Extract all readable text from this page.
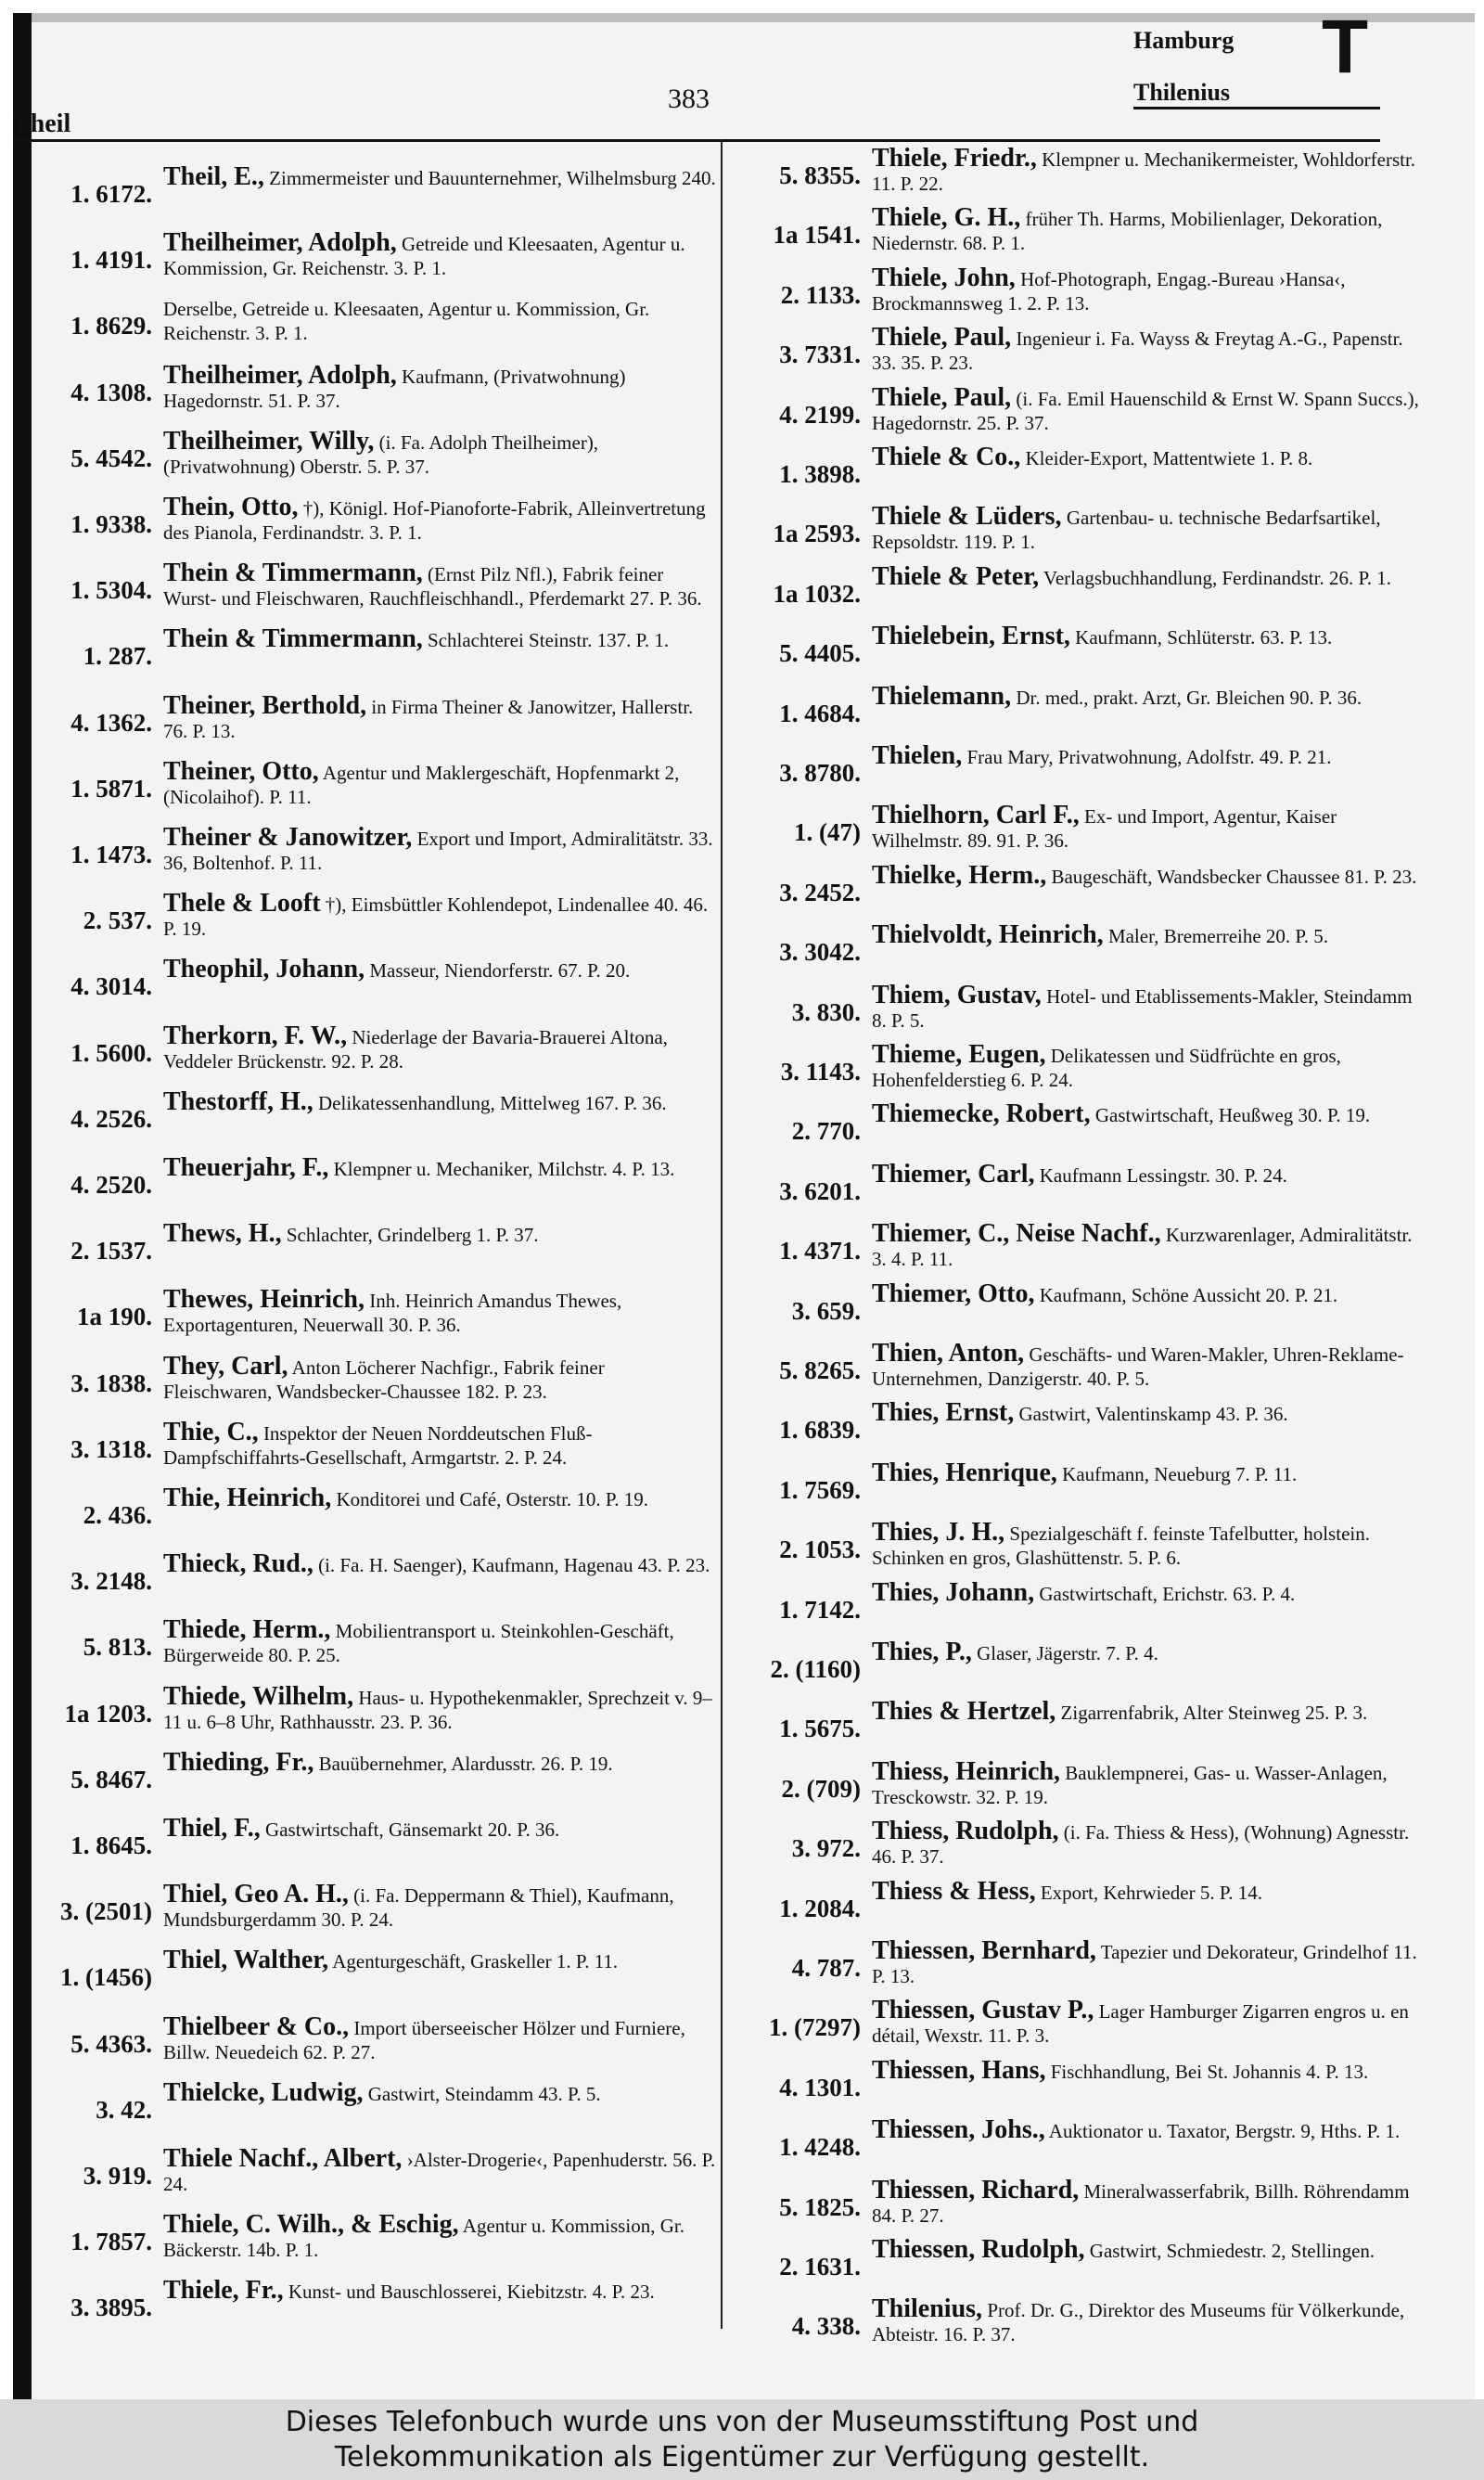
Theil
383
Hamburg
Thilenius
T
1. 6172.
Theil, E., Zimmermeister und Bauunternehmer, Wilhelmsburg 240.
1. 4191.
Theilheimer, Adolph, Getreide und Kleesaaten, Agentur u. Kommission, Gr. Reichenstr. 3. P. 1.
1. 8629.
Derselbe, Getreide u. Kleesaaten, Agentur u. Kommission, Gr. Reichenstr. 3. P. 1.
4. 1308.
Theilheimer, Adolph, Kaufmann, (Privatwohnung) Hagedornstr. 51. P. 37.
5. 4542.
Theilheimer, Willy, (i. Fa. Adolph Theilheimer), (Privatwohnung) Oberstr. 5. P. 37.
1. 9338.
Thein, Otto, †), Königl. Hof-Pianoforte-Fabrik, Alleinvertretung des Pianola, Ferdinandstr. 3. P. 1.
1. 5304.
Thein & Timmermann, (Ernst Pilz Nfl.), Fabrik feiner Wurst- und Fleischwaren, Rauchfleischhandl., Pferdemarkt 27. P. 36.
1. 287.
Thein & Timmermann, Schlachterei Steinstr. 137. P. 1.
4. 1362.
Theiner, Berthold, in Firma Theiner & Janowitzer, Hallerstr. 76. P. 13.
1. 5871.
Theiner, Otto, Agentur und Maklergeschäft, Hopfenmarkt 2, (Nicolaihof). P. 11.
1. 1473.
Theiner & Janowitzer, Export und Import, Admiralitätstr. 33. 36, Boltenhof. P. 11.
2. 537.
Thele & Looft †), Eimsbüttler Kohlendepot, Lindenallee 40. 46. P. 19.
4. 3014.
Theophil, Johann, Masseur, Niendorferstr. 67. P. 20.
1. 5600.
Therkorn, F. W., Niederlage der Bavaria-Brauerei Altona, Veddeler Brückenstr. 92. P. 28.
4. 2526.
Thestorff, H., Delikatessenhandlung, Mittelweg 167. P. 36.
4. 2520.
Theuerjahr, F., Klempner u. Mechaniker, Milchstr. 4. P. 13.
2. 1537.
Thews, H., Schlachter, Grindelberg 1. P. 37.
1a 190.
Thewes, Heinrich, Inh. Heinrich Amandus Thewes, Exportagenturen, Neuerwall 30. P. 36.
3. 1838.
They, Carl, Anton Löcherer Nachfigr., Fabrik feiner Fleischwaren, Wandsbecker-Chaussee 182. P. 23.
3. 1318.
Thie, C., Inspektor der Neuen Norddeutschen Fluß-Dampfschiffahrts-Gesellschaft, Armgartstr. 2. P. 24.
2. 436.
Thie, Heinrich, Konditorei und Café, Osterstr. 10. P. 19.
3. 2148.
Thieck, Rud., (i. Fa. H. Saenger), Kaufmann, Hagenau 43. P. 23.
5. 813.
Thiede, Herm., Mobilientransport u. Steinkohlen-Geschäft, Bürgerweide 80. P. 25.
1a 1203.
Thiede, Wilhelm, Haus- u. Hypothekenmakler, Sprechzeit v. 9–11 u. 6–8 Uhr, Rathhausstr. 23. P. 36.
5. 8467.
Thieding, Fr., Bauübernehmer, Alardusstr. 26. P. 19.
1. 8645.
Thiel, F., Gastwirtschaft, Gänsemarkt 20. P. 36.
3. (2501)
Thiel, Geo A. H., (i. Fa. Deppermann & Thiel), Kaufmann, Mundsburgerdamm 30. P. 24.
1. (1456)
Thiel, Walther, Agenturgeschäft, Graskeller 1. P. 11.
5. 4363.
Thielbeer & Co., Import überseeischer Hölzer und Furniere, Billw. Neuedeich 62. P. 27.
3. 42.
Thielcke, Ludwig, Gastwirt, Steindamm 43. P. 5.
3. 919.
Thiele Nachf., Albert, ›Alster-Drogerie‹, Papenhuderstr. 56. P. 24.
1. 7857.
Thiele, C. Wilh., & Eschig, Agentur u. Kommission, Gr. Bäckerstr. 14b. P. 1.
3. 3895.
Thiele, Fr., Kunst- und Bauschlosserei, Kiebitzstr. 4. P. 23.
5. 8355.
Thiele, Friedr., Klempner u. Mechanikermeister, Wohldorferstr. 11. P. 22.
1a 1541.
Thiele, G. H., früher Th. Harms, Mobilienlager, Dekoration, Niedernstr. 68. P. 1.
2. 1133.
Thiele, John, Hof-Photograph, Engag.-Bureau ›Hansa‹, Brockmannsweg 1. 2. P. 13.
3. 7331.
Thiele, Paul, Ingenieur i. Fa. Wayss & Freytag A.-G., Papenstr. 33. 35. P. 23.
4. 2199.
Thiele, Paul, (i. Fa. Emil Hauenschild & Ernst W. Spann Succs.), Hagedornstr. 25. P. 37.
1. 3898.
Thiele & Co., Kleider-Export, Mattentwiete 1. P. 8.
1a 2593.
Thiele & Lüders, Gartenbau- u. technische Bedarfsartikel, Repsoldstr. 119. P. 1.
1a 1032.
Thiele & Peter, Verlagsbuchhandlung, Ferdinandstr. 26. P. 1.
5. 4405.
Thielebein, Ernst, Kaufmann, Schlüterstr. 63. P. 13.
1. 4684.
Thielemann, Dr. med., prakt. Arzt, Gr. Bleichen 90. P. 36.
3. 8780.
Thielen, Frau Mary, Privatwohnung, Adolfstr. 49. P. 21.
1. (47)
Thielhorn, Carl F., Ex- und Import, Agentur, Kaiser Wilhelmstr. 89. 91. P. 36.
3. 2452.
Thielke, Herm., Baugeschäft, Wandsbecker Chaussee 81. P. 23.
3. 3042.
Thielvoldt, Heinrich, Maler, Bremerreihe 20. P. 5.
3. 830.
Thiem, Gustav, Hotel- und Etablissements-Makler, Steindamm 8. P. 5.
3. 1143.
Thieme, Eugen, Delikatessen und Südfrüchte en gros, Hohenfelderstieg 6. P. 24.
2. 770.
Thiemecke, Robert, Gastwirtschaft, Heußweg 30. P. 19.
3. 6201.
Thiemer, Carl, Kaufmann Lessingstr. 30. P. 24.
1. 4371.
Thiemer, C., Neise Nachf., Kurzwarenlager, Admiralitätstr. 3. 4. P. 11.
3. 659.
Thiemer, Otto, Kaufmann, Schöne Aussicht 20. P. 21.
5. 8265.
Thien, Anton, Geschäfts- und Waren-Makler, Uhren-Reklame-Unternehmen, Danzigerstr. 40. P. 5.
1. 6839.
Thies, Ernst, Gastwirt, Valentinskamp 43. P. 36.
1. 7569.
Thies, Henrique, Kaufmann, Neueburg 7. P. 11.
2. 1053.
Thies, J. H., Spezialgeschäft f. feinste Tafelbutter, holstein. Schinken en gros, Glashüttenstr. 5. P. 6.
1. 7142.
Thies, Johann, Gastwirtschaft, Erichstr. 63. P. 4.
2. (1160)
Thies, P., Glaser, Jägerstr. 7. P. 4.
1. 5675.
Thies & Hertzel, Zigarrenfabrik, Alter Steinweg 25. P. 3.
2. (709)
Thiess, Heinrich, Bauklempnerei, Gas- u. Wasser-Anlagen, Tresckowstr. 32. P. 19.
3. 972.
Thiess, Rudolph, (i. Fa. Thiess & Hess), (Wohnung) Agnesstr. 46. P. 37.
1. 2084.
Thiess & Hess, Export, Kehrwieder 5. P. 14.
4. 787.
Thiessen, Bernhard, Tapezier und Dekorateur, Grindelhof 11. P. 13.
1. (7297)
Thiessen, Gustav P., Lager Hamburger Zigarren engros u. en détail, Wexstr. 11. P. 3.
4. 1301.
Thiessen, Hans, Fischhandlung, Bei St. Johannis 4. P. 13.
1. 4248.
Thiessen, Johs., Auktionator u. Taxator, Bergstr. 9, Hths. P. 1.
5. 1825.
Thiessen, Richard, Mineralwasserfabrik, Billh. Röhrendamm 84. P. 27.
2. 1631.
Thiessen, Rudolph, Gastwirt, Schmiedestr. 2, Stellingen.
4. 338.
Thilenius, Prof. Dr. G., Direktor des Museums für Völkerkunde, Abteistr. 16. P. 37.
Dieses Telefonbuch wurde uns von der Museumsstiftung Post und
Telekommunikation als Eigentümer zur Verfügung gestellt.
